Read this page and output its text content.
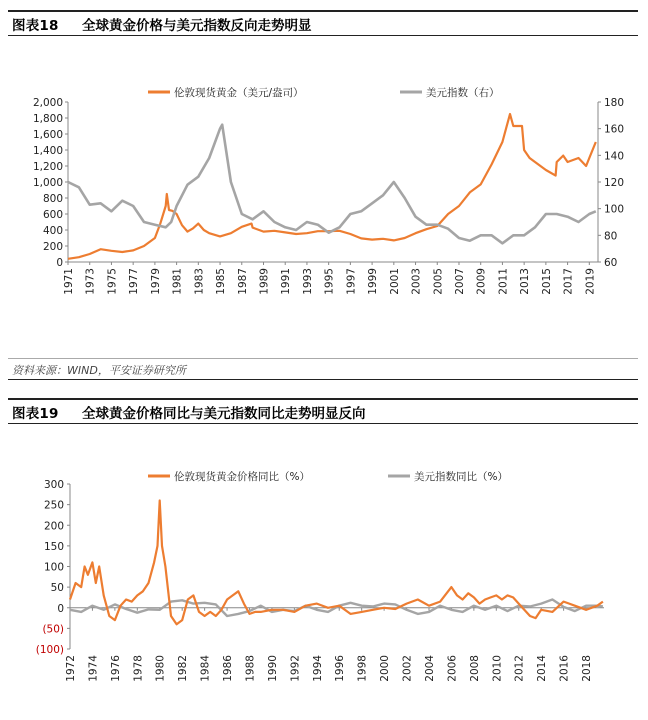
图表18 全球黄金价格与美元指数反向走势明显
0
200
400
600
800
1,000
1,200
1,400
1,600
1,800
2,000
60
80
100
120
140
160
180
1971 1973 1975 1977 1979 1981 1983 1985 1987 1989 1991 1993 1995 1997 1999 2001 2003 2005 2007 2009 2011 2013 2015 2017 2019
伦敦现货黄金（美元/盎司）	美元指数（右）
资料来源：WIND，平安证券研究所
图表19 全球黄金价格同比与美元指数同比走势明显反向
300
250
200
150
100
50
0
(50)
(100)
1972 1974 1976 1978 1980 1982 1984 1986 1988 1990 1992 1994 1996 1998 2000 2002 2004 2006 2008 2010 2012 2014 2016 2018
伦敦现货黄金价格同比（%）	美元指数同比（%）
